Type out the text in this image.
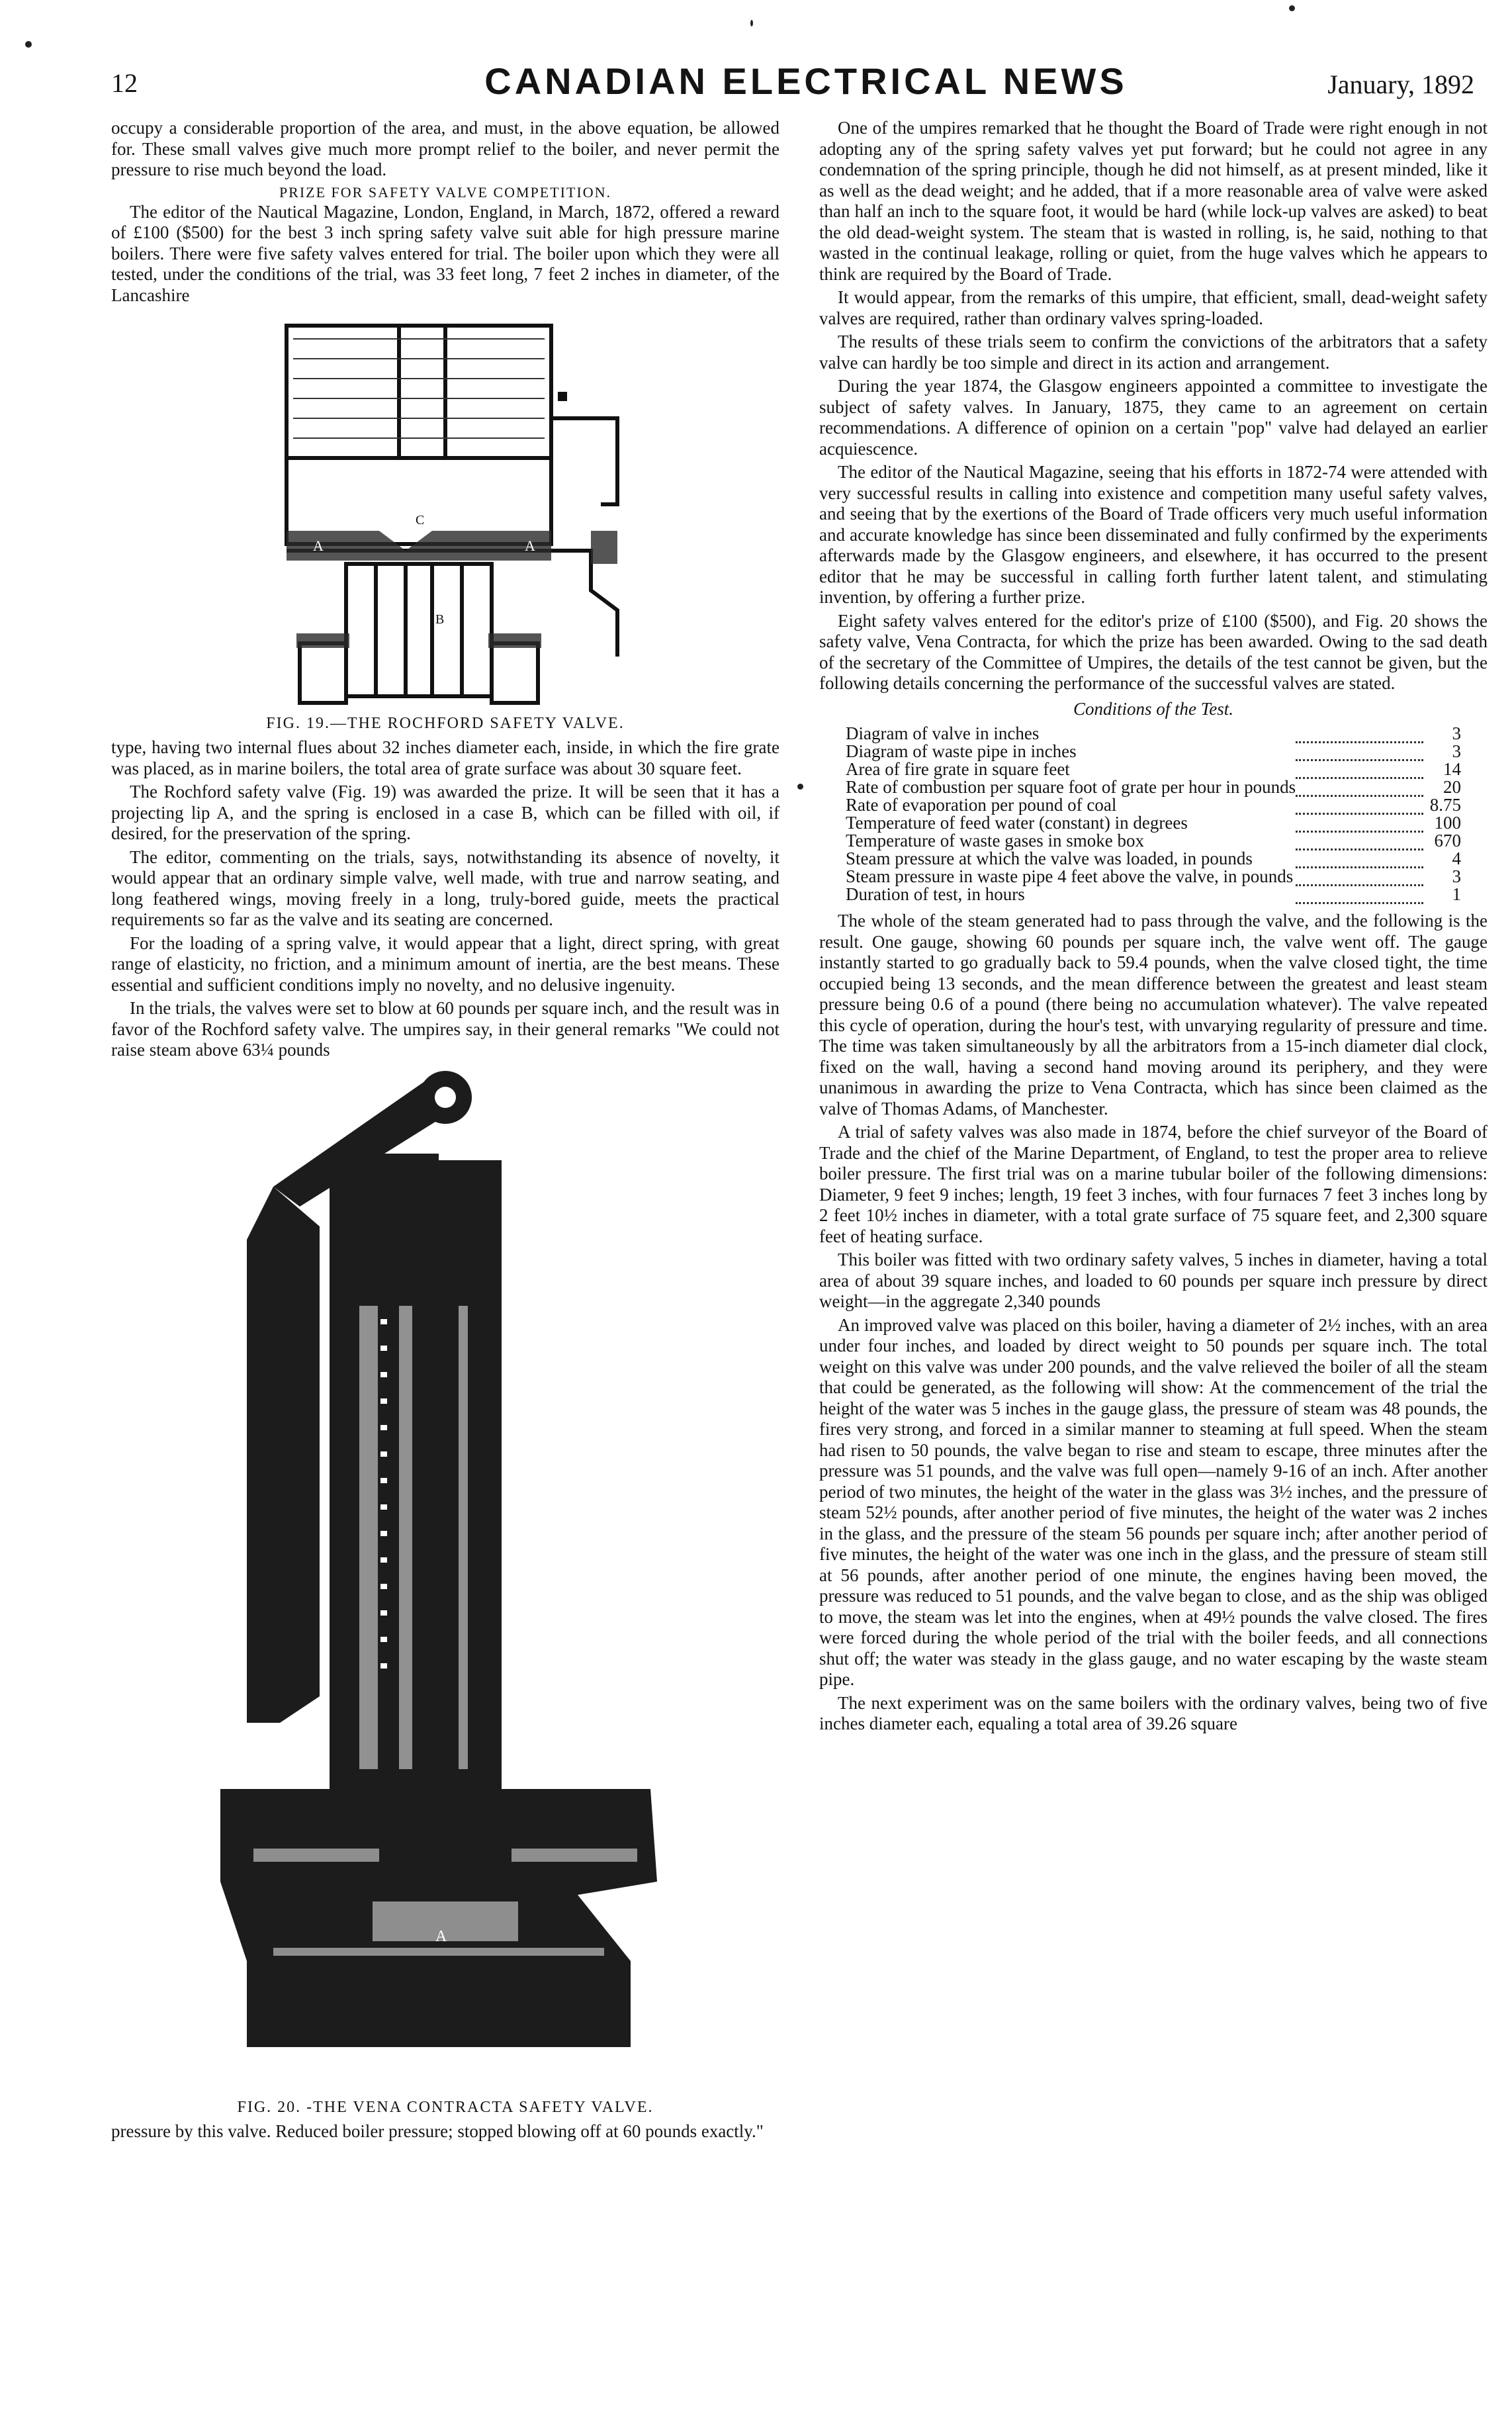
12	CANADIAN ELECTRICAL NEWS	January, 1892

occupy a considerable proportion of the area, and must, in the above equation, be allowed for. These small valves give much more prompt relief to the boiler, and never permit the pressure to rise much beyond the load.

PRIZE FOR SAFETY VALVE COMPETITION.

The editor of the Nautical Magazine, London, England, in March, 1872, offered a reward of £100 ($500) for the best 3 inch spring safety valve suit able for high pressure marine boilers. There were five safety valves entered for trial. The boiler upon which they were all tested, under the conditions of the trial, was 33 feet long, 7 feet 2 inches in diameter, of the Lancashire

A	A
C
B
FIG. 19.—THE ROCHFORD SAFETY VALVE.

type, having two internal flues about 32 inches diameter each, inside, in which the fire grate was placed, as in marine boilers, the total area of grate surface was about 30 square feet.

The Rochford safety valve (Fig. 19) was awarded the prize. It will be seen that it has a projecting lip A, and the spring is enclosed in a case B, which can be filled with oil, if desired, for the preservation of the spring.

The editor, commenting on the trials, says, notwithstanding its absence of novelty, it would appear that an ordinary simple valve, well made, with true and narrow seating, and long feathered wings, moving freely in a long, truly-bored guide, meets the practical requirements so far as the valve and its seating are concerned.

For the loading of a spring valve, it would appear that a light, direct spring, with great range of elasticity, no friction, and a minimum amount of inertia, are the best means. These essential and sufficient conditions imply no novelty, and no delusive ingenuity.

In the trials, the valves were set to blow at 60 pounds per square inch, and the result was in favor of the Rochford safety valve. The umpires say, in their general remarks "We could not raise steam above 63¼ pounds

A
FIG. 20. -THE VENA CONTRACTA SAFETY VALVE.

pressure by this valve. Reduced boiler pressure; stopped blowing off at 60 pounds exactly."

One of the umpires remarked that he thought the Board of Trade were right enough in not adopting any of the spring safety valves yet put forward; but he could not agree in any condemnation of the spring principle, though he did not himself, as at present minded, like it as well as the dead weight; and he added, that if a more reasonable area of valve were asked than half an inch to the square foot, it would be hard (while lock-up valves are asked) to beat the old dead-weight system. The steam that is wasted in rolling, is, he said, nothing to that wasted in the continual leakage, rolling or quiet, from the huge valves which he appears to think are required by the Board of Trade.

It would appear, from the remarks of this umpire, that efficient, small, dead-weight safety valves are required, rather than ordinary valves spring-loaded.

The results of these trials seem to confirm the convictions of the arbitrators that a safety valve can hardly be too simple and direct in its action and arrangement.

During the year 1874, the Glasgow engineers appointed a committee to investigate the subject of safety valves. In January, 1875, they came to an agreement on certain recommendations. A difference of opinion on a certain "pop" valve had delayed an earlier acquiescence.

The editor of the Nautical Magazine, seeing that his efforts in 1872-74 were attended with very successful results in calling into existence and competition many useful safety valves, and seeing that by the exertions of the Board of Trade officers very much useful information and accurate knowledge has since been disseminated and fully confirmed by the experiments afterwards made by the Glasgow engineers, and elsewhere, it has occurred to the present editor that he may be successful in calling forth further latent talent, and stimulating invention, by offering a further prize.

Eight safety valves entered for the editor's prize of £100 ($500), and Fig. 20 shows the safety valve, Vena Contracta, for which the prize has been awarded. Owing to the sad death of the secretary of the Committee of Umpires, the details of the test cannot be given, but the following details concerning the performance of the successful valves are stated.

Conditions of the Test.
Diagram of valve in inches		3
Diagram of waste pipe in inches		3
Area of fire grate in square feet		14
Rate of combustion per square foot of grate per hour in pounds		20
Rate of evaporation per pound of coal		8.75
Temperature of feed water (constant) in degrees		100
Temperature of waste gases in smoke box		670
Steam pressure at which the valve was loaded, in pounds		4
Steam pressure in waste pipe 4 feet above the valve, in pounds		3
Duration of test, in hours		1

The whole of the steam generated had to pass through the valve, and the following is the result. One gauge, showing 60 pounds per square inch, the valve went off. The gauge instantly started to go gradually back to 59.4 pounds, when the valve closed tight, the time occupied being 13 seconds, and the mean difference between the greatest and least steam pressure being 0.6 of a pound (there being no accumulation whatever). The valve repeated this cycle of operation, during the hour's test, with unvarying regularity of pressure and time. The time was taken simultaneously by all the arbitrators from a 15-inch diameter dial clock, fixed on the wall, having a second hand moving around its periphery, and they were unanimous in awarding the prize to Vena Contracta, which has since been claimed as the valve of Thomas Adams, of Manchester.

A trial of safety valves was also made in 1874, before the chief surveyor of the Board of Trade and the chief of the Marine Department, of England, to test the proper area to relieve boiler pressure. The first trial was on a marine tubular boiler of the following dimensions: Diameter, 9 feet 9 inches; length, 19 feet 3 inches, with four furnaces 7 feet 3 inches long by 2 feet 10½ inches in diameter, with a total grate surface of 75 square feet, and 2,300 square feet of heating surface.

This boiler was fitted with two ordinary safety valves, 5 inches in diameter, having a total area of about 39 square inches, and loaded to 60 pounds per square inch pressure by direct weight—in the aggregate 2,340 pounds

An improved valve was placed on this boiler, having a diameter of 2½ inches, with an area under four inches, and loaded by direct weight to 50 pounds per square inch. The total weight on this valve was under 200 pounds, and the valve relieved the boiler of all the steam that could be generated, as the following will show: At the commencement of the trial the height of the water was 5 inches in the gauge glass, the pressure of steam was 48 pounds, the fires very strong, and forced in a similar manner to steaming at full speed. When the steam had risen to 50 pounds, the valve began to rise and steam to escape, three minutes after the pressure was 51 pounds, and the valve was full open—namely 9-16 of an inch. After another period of two minutes, the height of the water in the glass was 3½ inches, and the pressure of steam 52½ pounds, after another period of five minutes, the height of the water was 2 inches in the glass, and the pressure of the steam 56 pounds per square inch; after another period of five minutes, the height of the water was one inch in the glass, and the pressure of steam still at 56 pounds, after another period of one minute, the engines having been moved, the pressure was reduced to 51 pounds, and the valve began to close, and as the ship was obliged to move, the steam was let into the engines, when at 49½ pounds the valve closed. The fires were forced during the whole period of the trial with the boiler feeds, and all connections shut off; the water was steady in the glass gauge, and no water escaping by the waste steam pipe.

The next experiment was on the same boilers with the ordinary valves, being two of five inches diameter each, equaling a total area of 39.26 square
